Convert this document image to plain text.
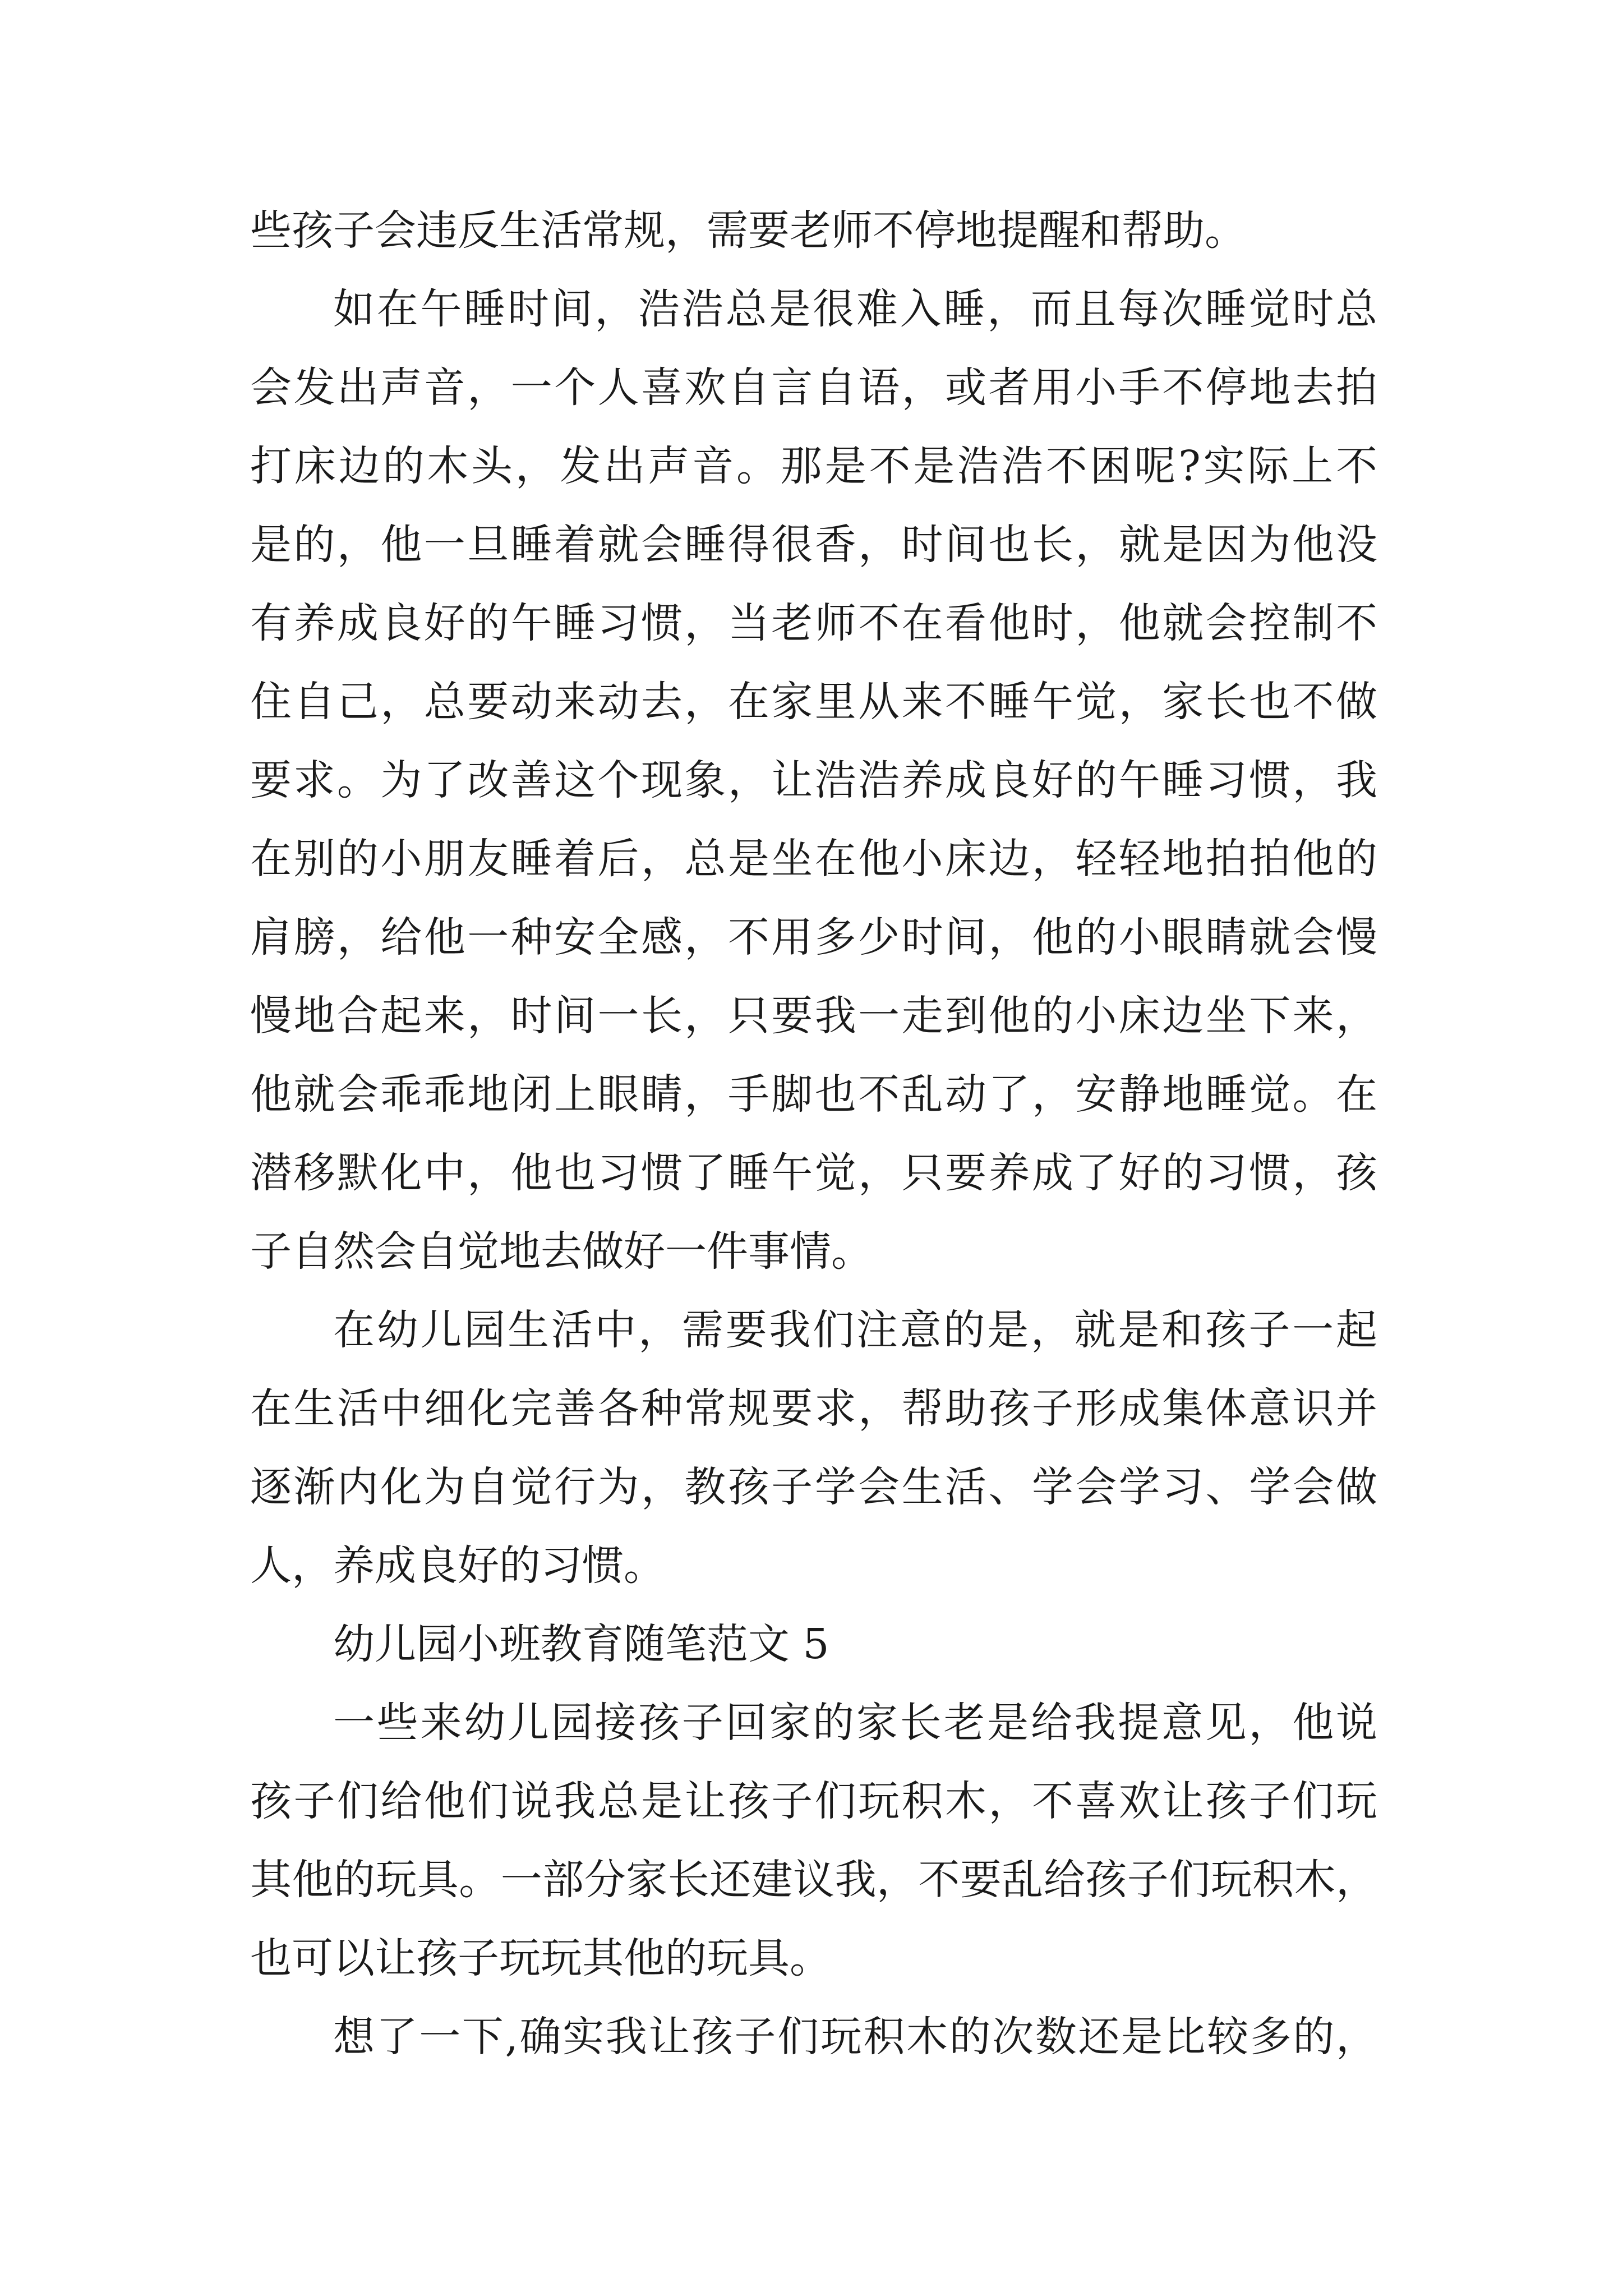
些孩子会违反生活常规，需要老师不停地提醒和帮助。
如在午睡时间，浩浩总是很难入睡，而且每次睡觉时总
会发出声音，一个人喜欢自言自语，或者用小手不停地去拍
打床边的木头，发出声音。那是不是浩浩不困呢?实际上不
是的，他一旦睡着就会睡得很香，时间也长，就是因为他没
有养成良好的午睡习惯，当老师不在看他时，他就会控制不
住自己，总要动来动去，在家里从来不睡午觉，家长也不做
要求。为了改善这个现象，让浩浩养成良好的午睡习惯，我
在别的小朋友睡着后，总是坐在他小床边，轻轻地拍拍他的
肩膀，给他一种安全感，不用多少时间，他的小眼睛就会慢
慢地合起来，时间一长，只要我一走到他的小床边坐下来，
他就会乖乖地闭上眼睛，手脚也不乱动了，安静地睡觉。在
潜移默化中，他也习惯了睡午觉，只要养成了好的习惯，孩
子自然会自觉地去做好一件事情。
在幼儿园生活中，需要我们注意的是，就是和孩子一起
在生活中细化完善各种常规要求，帮助孩子形成集体意识并
逐渐内化为自觉行为，教孩子学会生活、学会学习、学会做
人，养成良好的习惯。
幼儿园小班教育随笔范文 5
一些来幼儿园接孩子回家的家长老是给我提意见，他说
孩子们给他们说我总是让孩子们玩积木，不喜欢让孩子们玩
其他的玩具。一部分家长还建议我，不要乱给孩子们玩积木，
也可以让孩子玩玩其他的玩具。
想了一下,确实我让孩子们玩积木的次数还是比较多的，
